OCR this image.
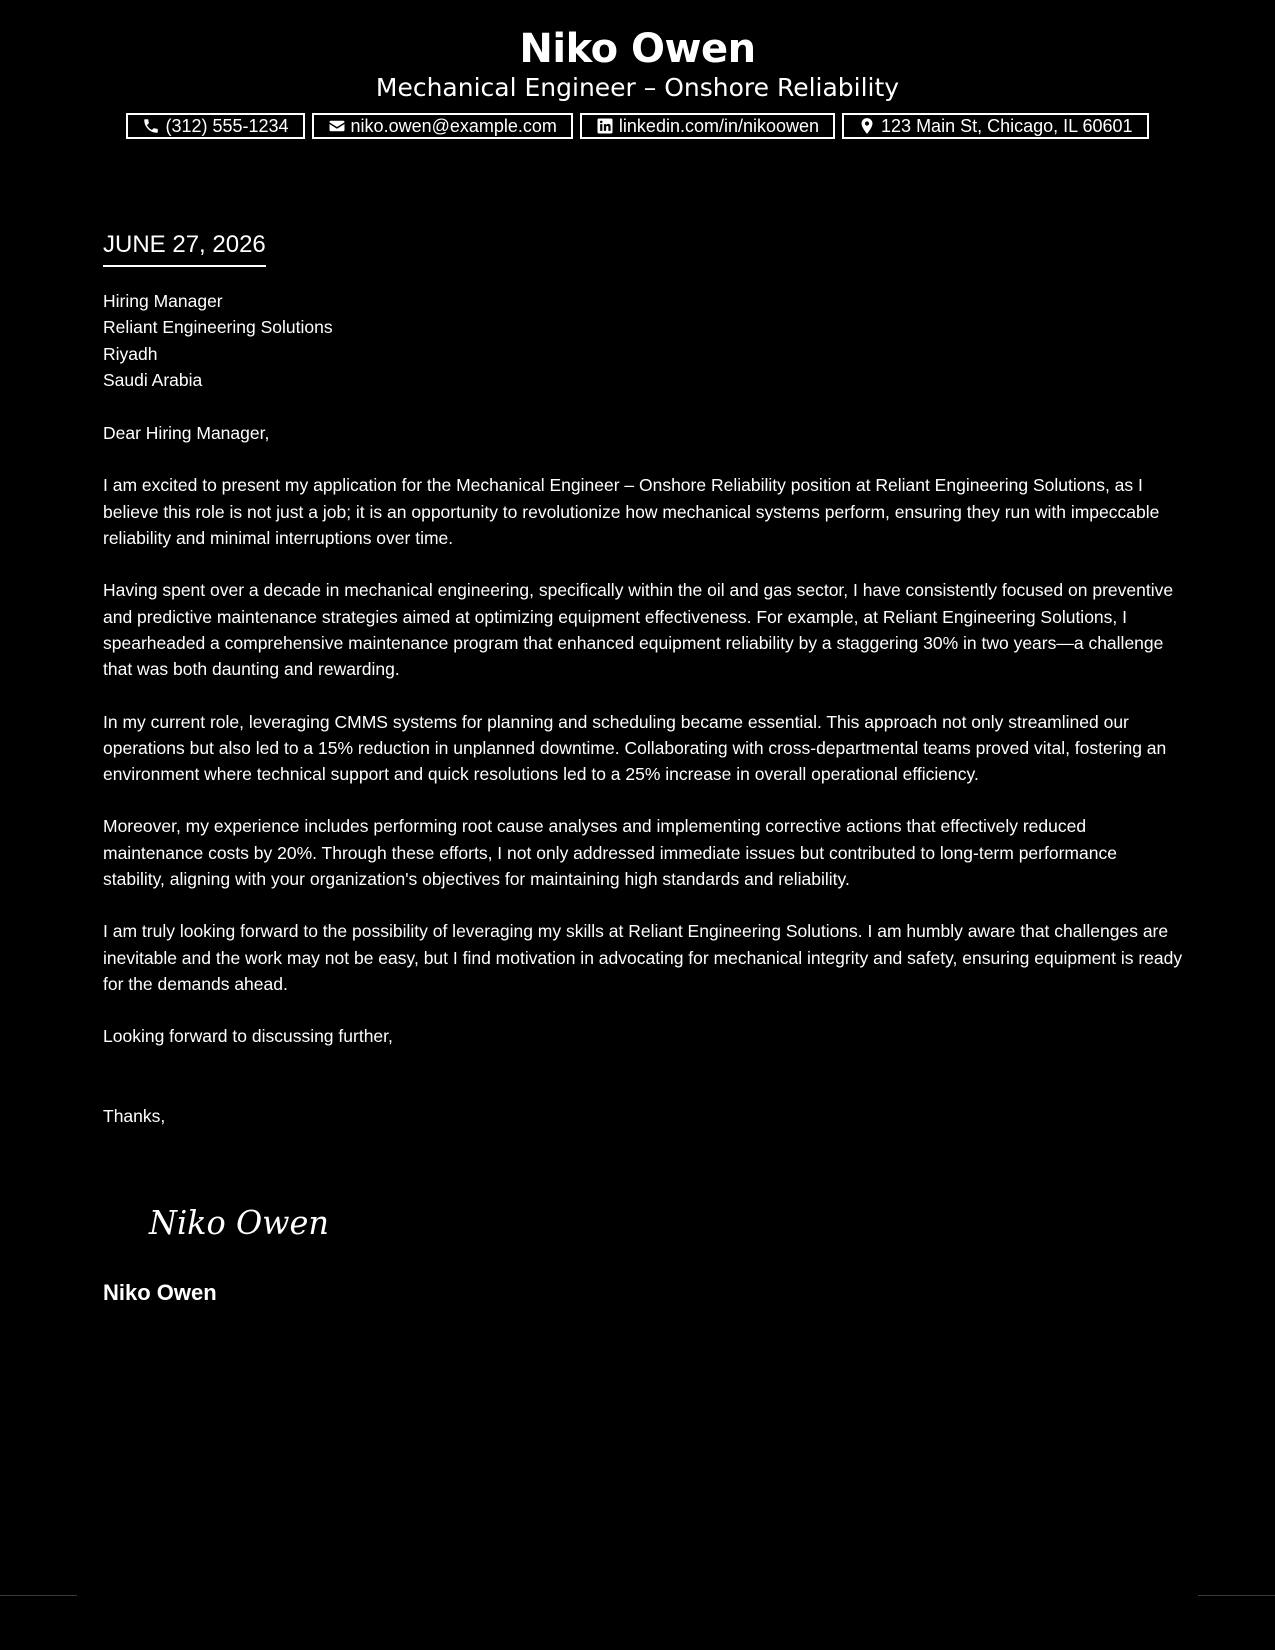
Niko Owen
Mechanical Engineer – Onshore Reliability
(312) 555-1234	niko.owen@example.com	linkedin.com/in/nikoowen	123 Main St, Chicago, IL 60601
JUNE 27, 2026
Hiring Manager
Reliant Engineering Solutions
Riyadh
Saudi Arabia
Dear Hiring Manager,
I am excited to present my application for the Mechanical Engineer – Onshore Reliability position at Reliant Engineering Solutions, as I believe this role is not just a job; it is an opportunity to revolutionize how mechanical systems perform, ensuring they run with impeccable reliability and minimal interruptions over time.
Having spent over a decade in mechanical engineering, specifically within the oil and gas sector, I have consistently focused on preventive and predictive maintenance strategies aimed at optimizing equipment effectiveness. For example, at Reliant Engineering Solutions, I spearheaded a comprehensive maintenance program that enhanced equipment reliability by a staggering 30% in two years—a challenge that was both daunting and rewarding.
In my current role, leveraging CMMS systems for planning and scheduling became essential. This approach not only streamlined our operations but also led to a 15% reduction in unplanned downtime. Collaborating with cross-departmental teams proved vital, fostering an environment where technical support and quick resolutions led to a 25% increase in overall operational efficiency.
Moreover, my experience includes performing root cause analyses and implementing corrective actions that effectively reduced maintenance costs by 20%. Through these efforts, I not only addressed immediate issues but contributed to long-term performance stability, aligning with your organization's objectives for maintaining high standards and reliability.
I am truly looking forward to the possibility of leveraging my skills at Reliant Engineering Solutions. I am humbly aware that challenges are inevitable and the work may not be easy, but I find motivation in advocating for mechanical integrity and safety, ensuring equipment is ready for the demands ahead.
Looking forward to discussing further,
Thanks,
Niko Owen
Niko Owen
